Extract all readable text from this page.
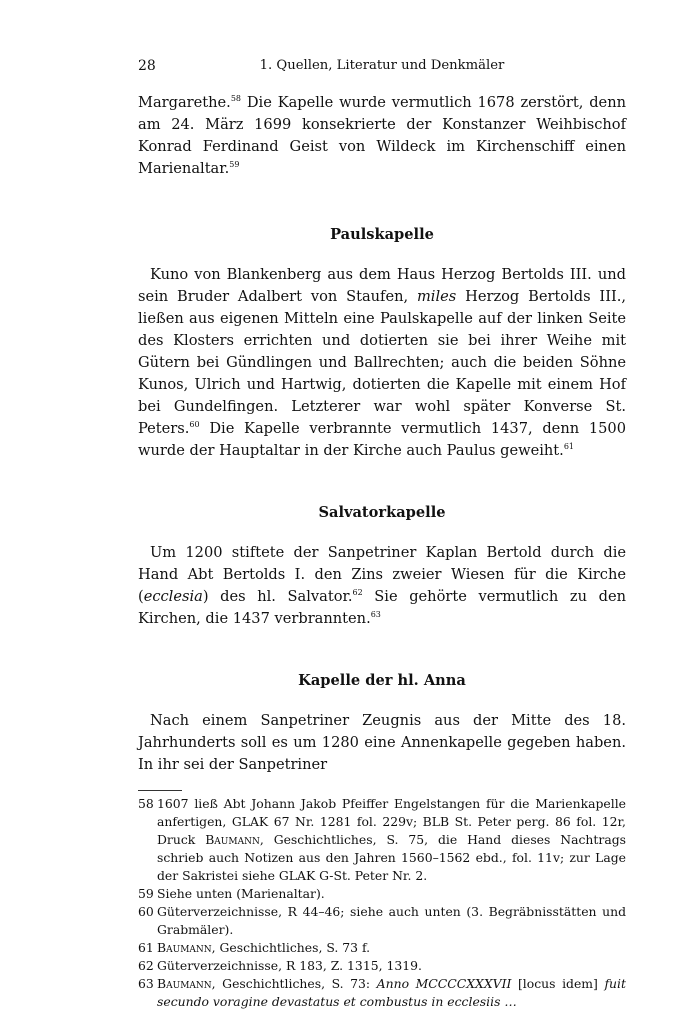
28	1. Quellen, Literatur und Denkmäler

Margarethe.$^{58}$ Die Kapelle wurde vermutlich 1678 zerstört, denn am 24. März 1699 konsekrierte der Konstanzer Weihbischof Konrad Ferdinand Geist von Wildeck im Kirchenschiff einen Marienaltar.$^{59}$

Paulskapelle

Kuno von Blankenberg aus dem Haus Herzog Bertolds III. und sein Bruder Adalbert von Staufen, miles Herzog Bertolds III., ließen aus eigenen Mitteln eine Paulskapelle auf der linken Seite des Klosters errichten und dotierten sie bei ihrer Weihe mit Gütern bei Gündlingen und Ballrechten; auch die beiden Söhne Kunos, Ulrich und Hartwig, dotierten die Kapelle mit einem Hof bei Gundelfingen. Letzterer war wohl später Konverse St. Peters.$^{60}$ Die Kapelle verbrannte vermutlich 1437, denn 1500 wurde der Hauptaltar in der Kirche auch Paulus geweiht.$^{61}$

Salvatorkapelle

Um 1200 stiftete der Sanpetriner Kaplan Bertold durch die Hand Abt Bertolds I. den Zins zweier Wiesen für die Kirche (ecclesia) des hl. Salvator.$^{62}$ Sie gehörte vermutlich zu den Kirchen, die 1437 verbrannten.$^{63}$

Kapelle der hl. Anna

Nach einem Sanpetriner Zeugnis aus der Mitte des 18. Jahrhunderts soll es um 1280 eine Annenkapelle gegeben haben. In ihr sei der Sanpetriner

58 1607 ließ Abt Johann Jakob Pfeiffer Engelstangen für die Marienkapelle anfertigen, GLAK 67 Nr. 1281 fol. 229v; BLB St. Peter perg. 86 fol. 12r, Druck Baumann, Geschichtliches, S. 75, die Hand dieses Nachtrags schrieb auch Notizen aus den Jahren 1560–1562 ebd., fol. 11v; zur Lage der Sakristei siehe GLAK G-St. Peter Nr. 2.
59 Siehe unten (Marienaltar).
60 Güterverzeichnisse, R 44–46; siehe auch unten (3. Begräbnisstätten und Grabmäler).
61 Baumann, Geschichtliches, S. 73 f.
62 Güterverzeichnisse, R 183, Z. 1315, 1319.
63 Baumann, Geschichtliches, S. 73: Anno MCCCCXXXVII [locus idem] fuit secundo voragine devastatus et combustus in ecclesiis …
